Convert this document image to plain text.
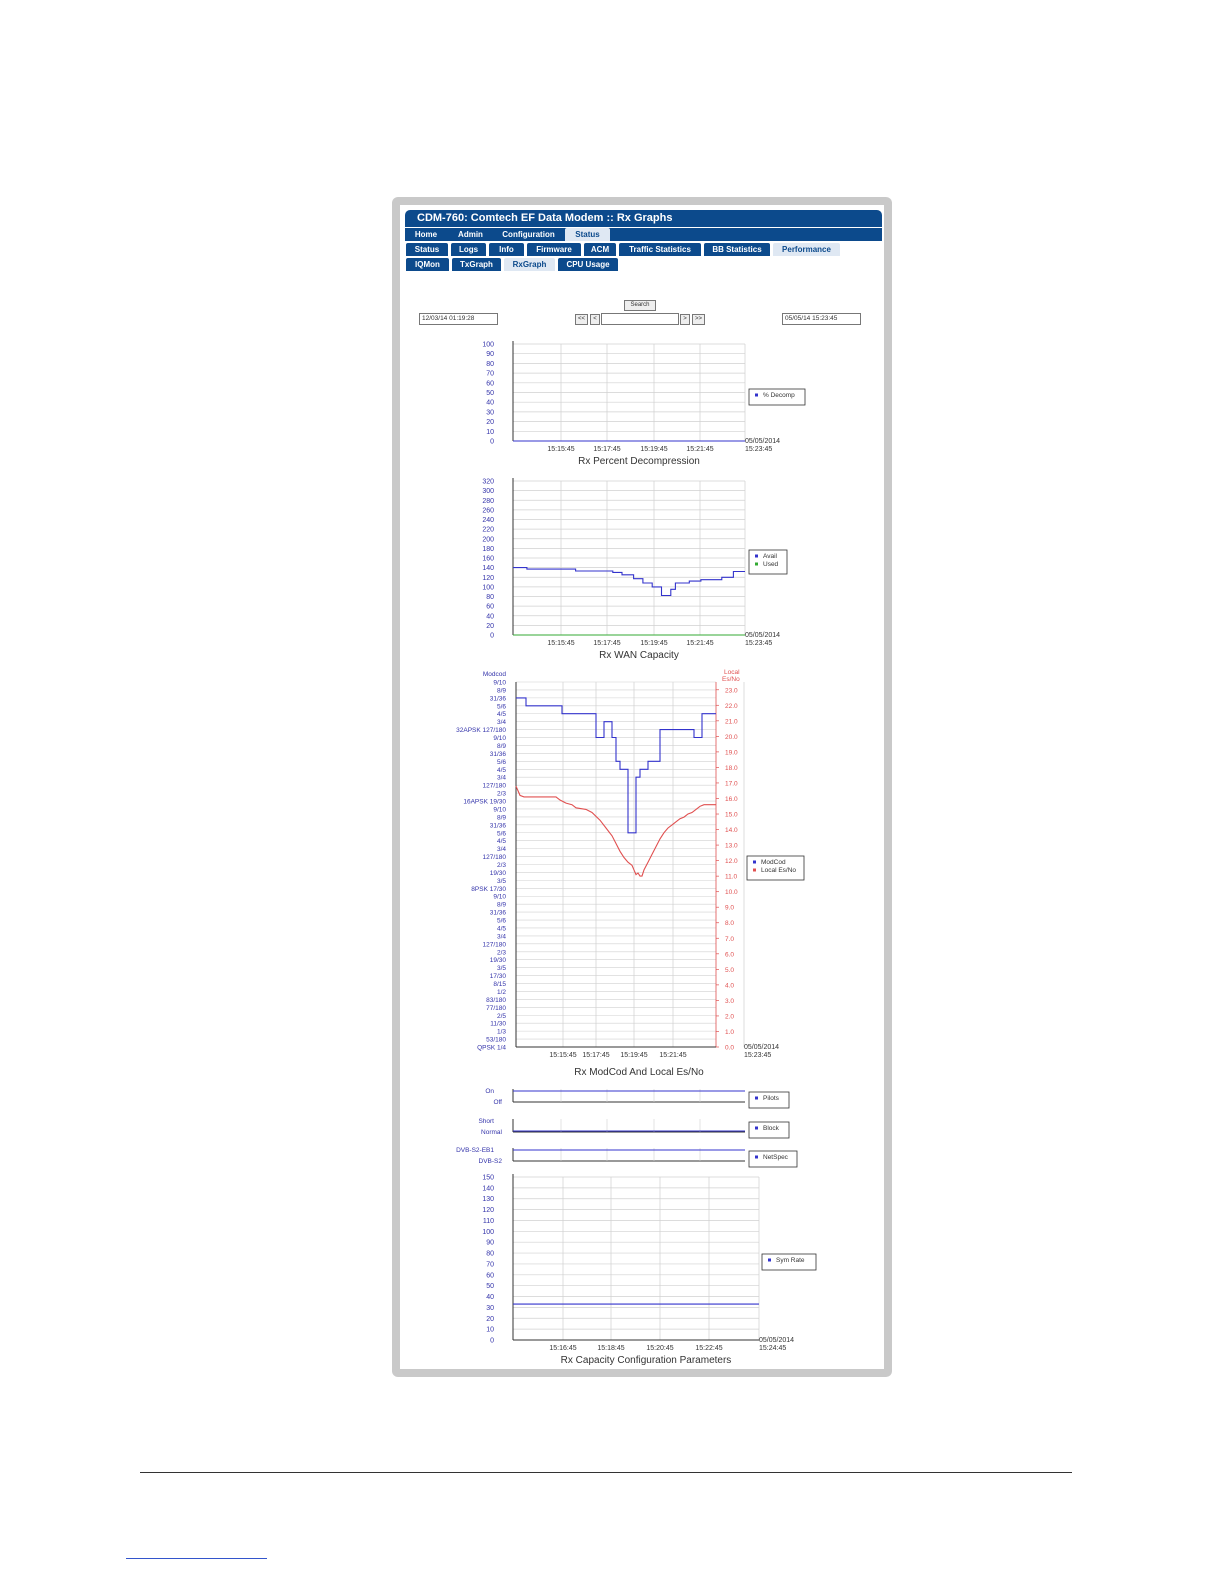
CDM-760: Comtech EF Data Modem :: Rx Graphs
Home	Admin	Configuration	Status
Status	Logs	Info	Firmware	ACM	Traffic Statistics	BB Statistics	Performance
IQMon	TxGraph	RxGraph	CPU Usage
Search
12/03/14 01:19:28	<<	<	>	>>	05/05/14 15:23:45
0
10
20
30
40
50
60
70
80
90
100
15:15:45	15:17:45	15:19:45	15:21:45
05/05/2014
15:23:45
Rx Percent Decompression
% Decomp
0
20
40
60
80
100
120
140
160
180
200
220
240
260
280
300
320
15:15:45	15:17:45	15:19:45	15:21:45
05/05/2014
15:23:45
Rx WAN Capacity
Avail
Used
9/10
8/9
31/36
5/6
4/5
3/4
32APSK 127/180
9/10
8/9
31/36
5/6
4/5
3/4
127/180
2/3
16APSK 19/30
9/10
8/9
31/36
5/6
4/5
3/4
127/180
2/3
19/30
3/5
8PSK 17/30
9/10
8/9
31/36
5/6
4/5
3/4
127/180
2/3
19/30
3/5
17/30
8/15
1/2
83/180
77/180
2/5
11/30
1/3
53/180
QPSK 1/4
Modcod
23.0
22.0
21.0
20.0
19.0
18.0
17.0
16.0
15.0
14.0
13.0
12.0
11.0
10.0
9.0
8.0
7.0
6.0
5.0
4.0
3.0
2.0
1.0
0.0
Local
Es/No
15:15:45 15:17:45 15:19:45 15:21:45
05/05/2014
15:23:45
Rx ModCod And Local Es/No
ModCod
Local Es/No
On
Off
Pilots
Short
Normal
Block
DVB-S2-EB1
DVB-S2
NetSpec
0
10
20
30
40
50
60
70
80
90
100
110
120
130
140
150
15:16:45	15:18:45	15:20:45	15:22:45
05/05/2014
15:24:45
Rx Capacity Configuration Parameters
Sym Rate
